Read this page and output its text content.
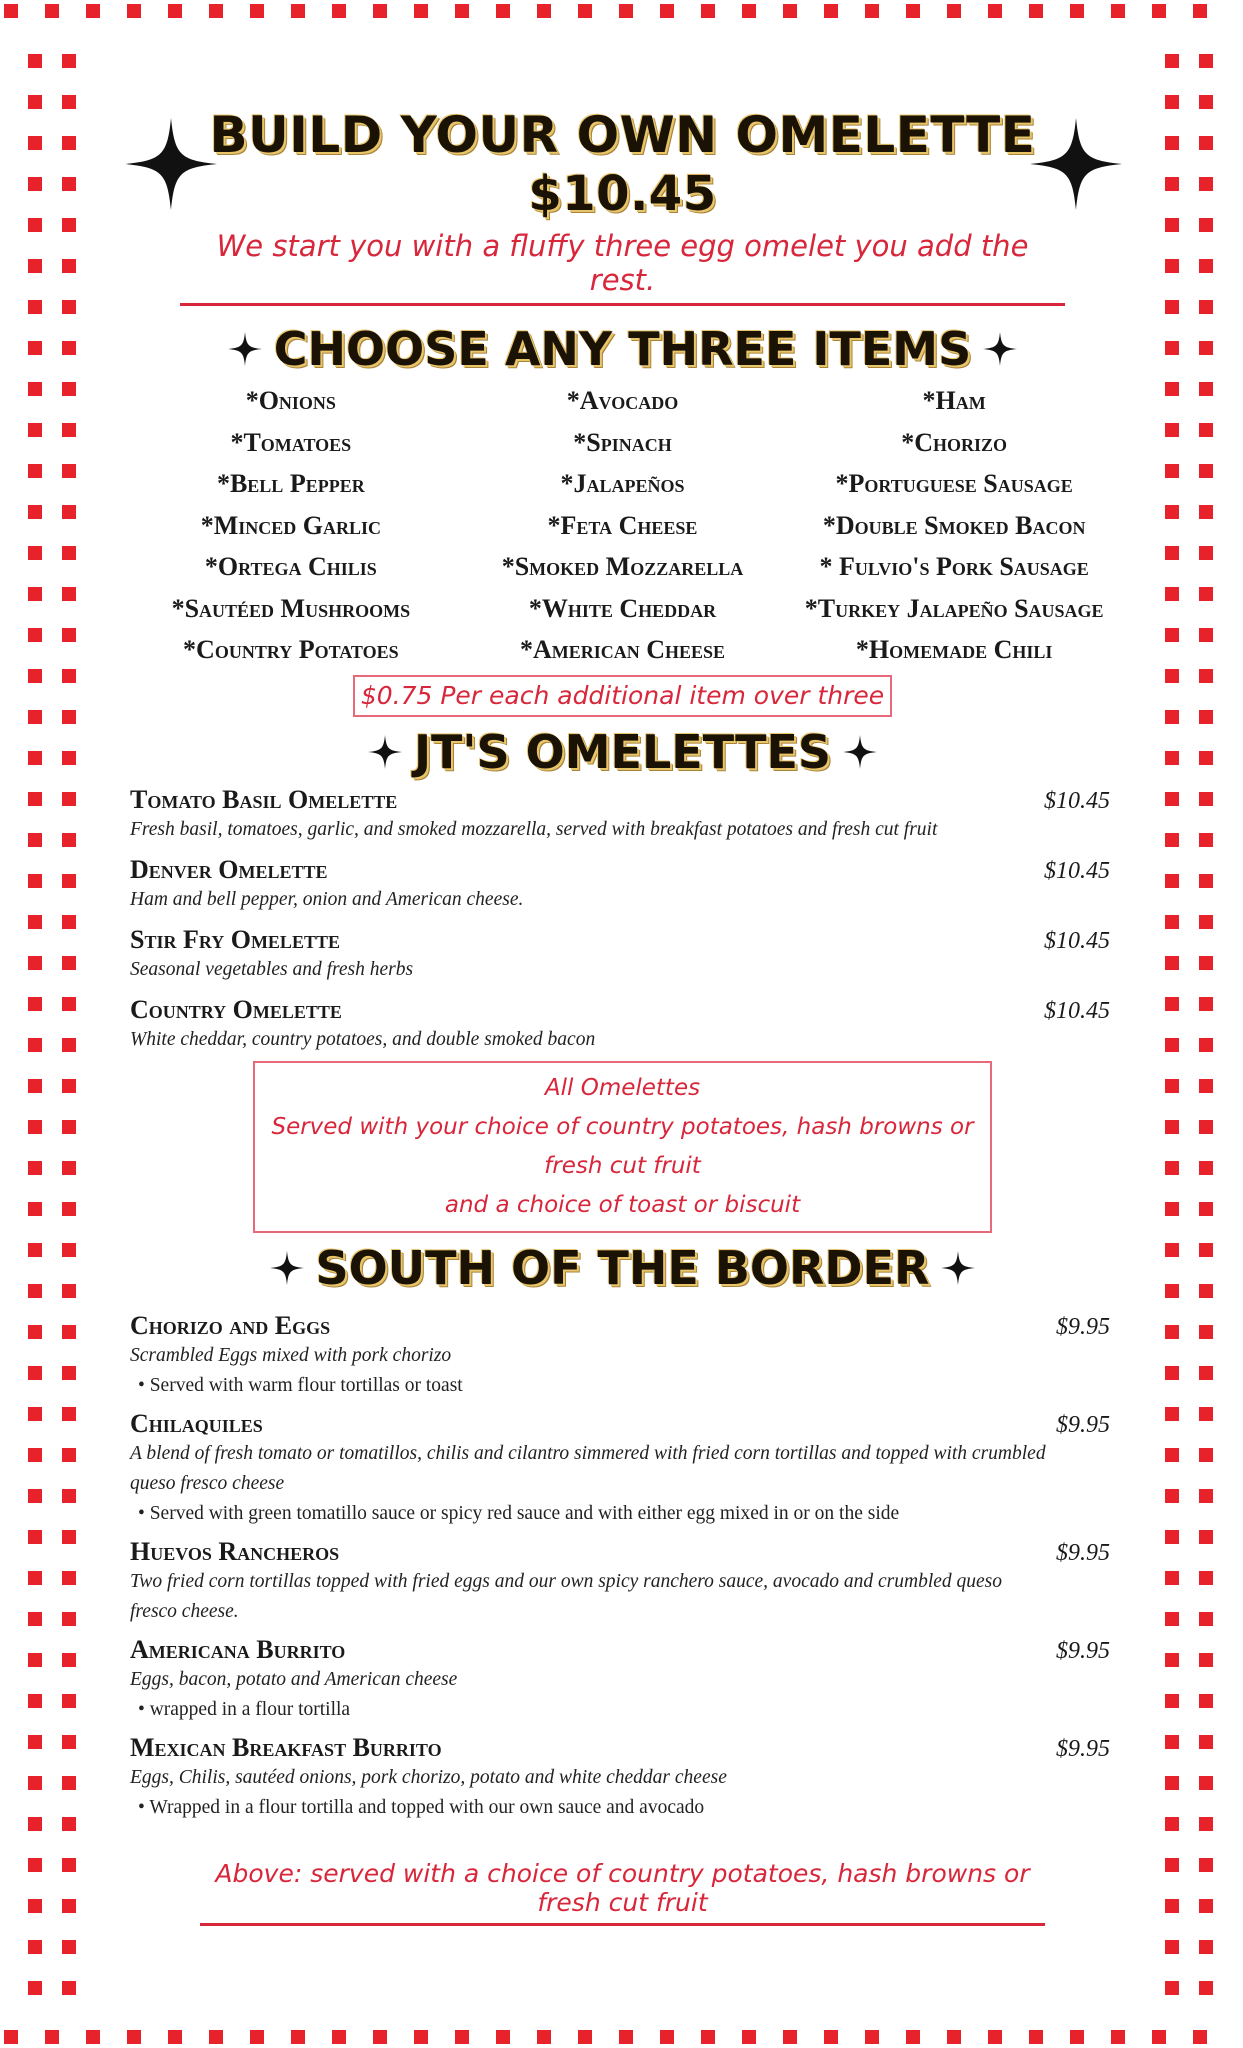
BUILD YOUR OWN OMELETTE
$10.45
We start you with a fluffy three egg omelet you add the rest.
CHOOSE ANY THREE ITEMS
*Onions
*Tomatoes
*Bell Pepper
*Minced Garlic
*Ortega Chilis
*Sautéed Mushrooms
*Country Potatoes
*Avocado
*Spinach
*Jalapeños
*Feta Cheese
*Smoked Mozzarella
*White Cheddar
*American Cheese
*Ham
*Chorizo
*Portuguese Sausage
*Double Smoked Bacon
* Fulvio's Pork Sausage
*Turkey Jalapeño Sausage
*Homemade Chili
$0.75 Per each additional item over three
JT'S OMELETTES
Tomato Basil Omelette	$10.45
Fresh basil, tomatoes, garlic, and smoked mozzarella, served with breakfast potatoes and fresh cut fruit
Denver Omelette	$10.45
Ham and bell pepper, onion and American cheese.
Stir Fry Omelette	$10.45
Seasonal vegetables and fresh herbs
Country Omelette	$10.45
White cheddar, country potatoes, and double smoked bacon
All Omelettes
Served with your choice of country potatoes, hash browns or fresh cut fruit
and a choice of toast or biscuit
SOUTH OF THE BORDER
Chorizo and Eggs	$9.95
Scrambled Eggs mixed with pork chorizo
• Served with warm flour tortillas or toast
Chilaquiles	$9.95
A blend of fresh tomato or tomatillos, chilis and cilantro simmered with fried corn tortillas and topped with crumbled queso fresco cheese
• Served with green tomatillo sauce or spicy red sauce and with either egg mixed in or on the side
Huevos Rancheros	$9.95
Two fried corn tortillas topped with fried eggs and our own spicy ranchero sauce, avocado and crumbled queso fresco cheese.
Americana Burrito	$9.95
Eggs, bacon, potato and American cheese
• wrapped in a flour tortilla
Mexican Breakfast Burrito	$9.95
Eggs, Chilis, sautéed onions, pork chorizo, potato and white cheddar cheese
• Wrapped in a flour tortilla and topped with our own sauce and avocado
Above: served with a choice of country potatoes, hash browns or fresh cut fruit
